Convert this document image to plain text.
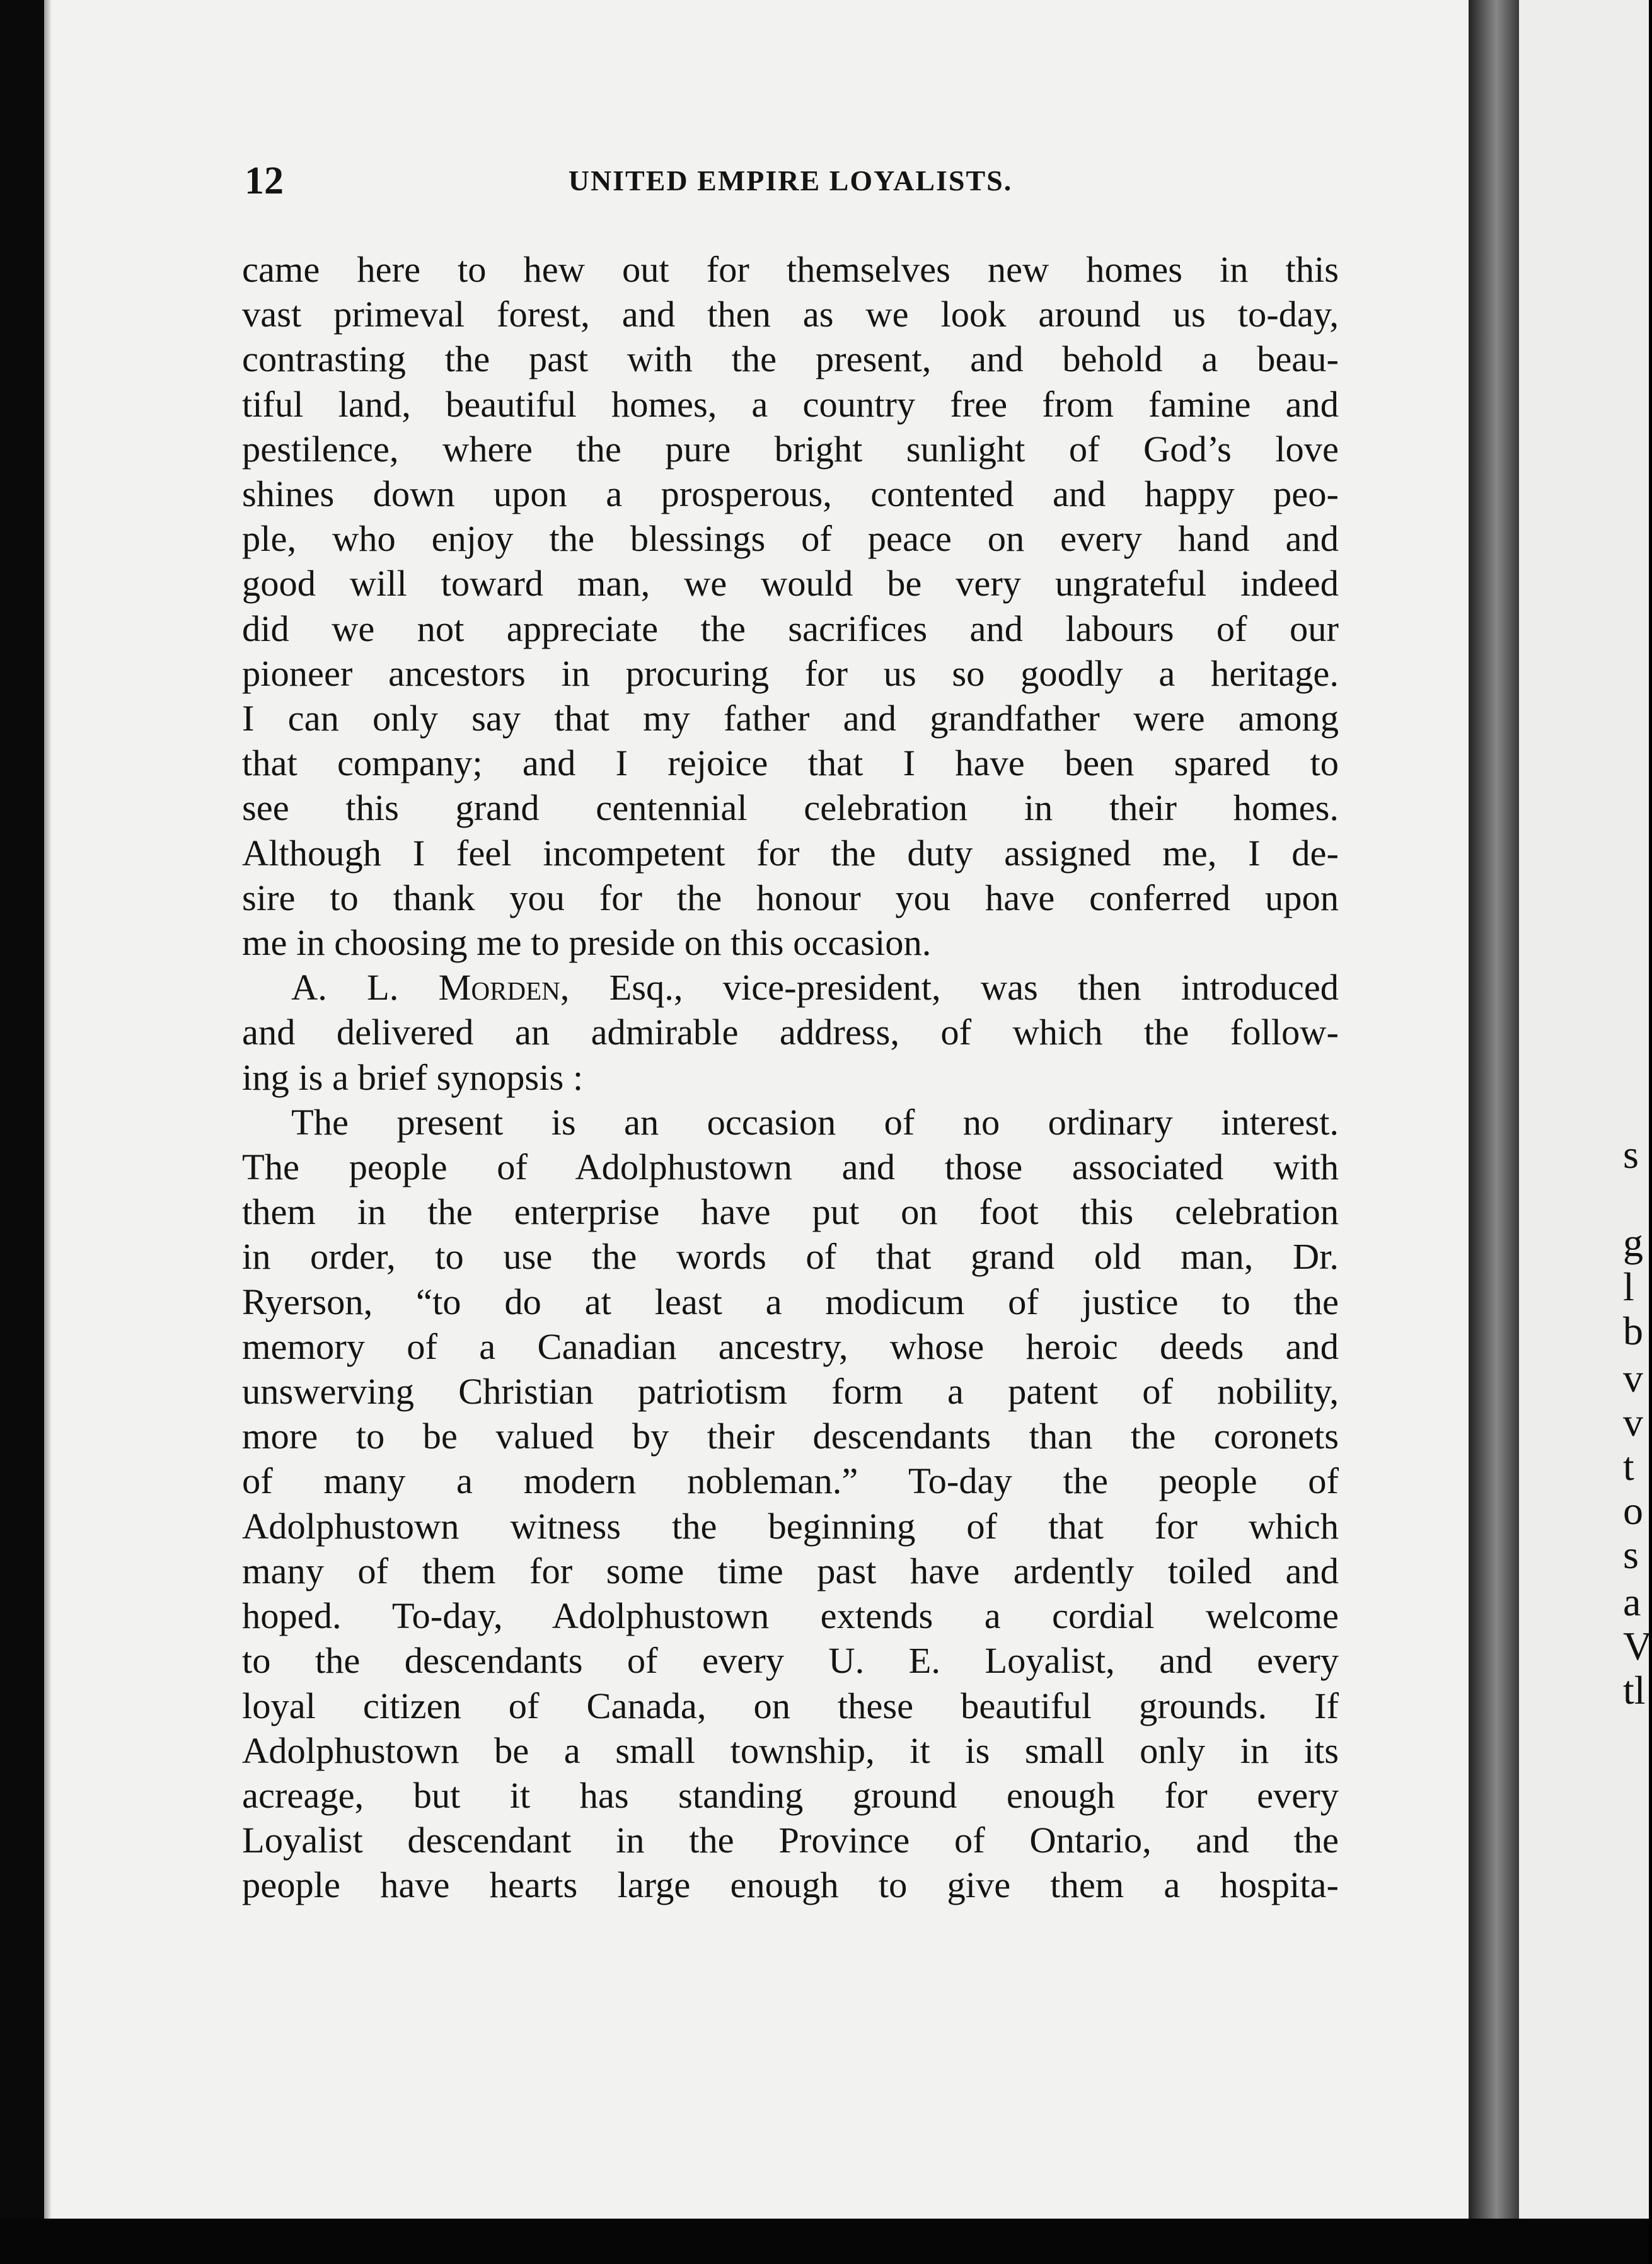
s
g
l
b
v
v
t
o
s
a
V
tl
12	UNITED EMPIRE LOYALISTS.
came here to hew out for themselves new homes in this
vast primeval forest, and then as we look around us to-day,
contrasting the past with the present, and behold a beau-
tiful land, beautiful homes, a country free from famine and
pestilence, where the pure bright sunlight of God’s love
shines down upon a prosperous, contented and happy peo-
ple, who enjoy the blessings of peace on every hand and
good will toward man, we would be very ungrateful indeed
did we not appreciate the sacrifices and labours of our
pioneer ancestors in procuring for us so goodly a heritage.
I can only say that my father and grandfather were among
that company; and I rejoice that I have been spared to
see this grand centennial celebration in their homes.
Although I feel incompetent for the duty assigned me, I de-
sire to thank you for the honour you have conferred upon
me in choosing me to preside on this occasion.
A. L. Morden, Esq., vice-president, was then introduced
and delivered an admirable address, of which the follow-
ing is a brief synopsis :
The present is an occasion of no ordinary interest.
The people of Adolphustown and those associated with
them in the enterprise have put on foot this celebration
in order, to use the words of that grand old man, Dr.
Ryerson, “to do at least a modicum of justice to the
memory of a Canadian ancestry, whose heroic deeds and
unswerving Christian patriotism form a patent of nobility,
more to be valued by their descendants than the coronets
of many a modern nobleman.” To-day the people of
Adolphustown witness the beginning of that for which
many of them for some time past have ardently toiled and
hoped. To-day, Adolphustown extends a cordial welcome
to the descendants of every U. E. Loyalist, and every
loyal citizen of Canada, on these beautiful grounds. If
Adolphustown be a small township, it is small only in its
acreage, but it has standing ground enough for every
Loyalist descendant in the Province of Ontario, and the
people have hearts large enough to give them a hospita-
